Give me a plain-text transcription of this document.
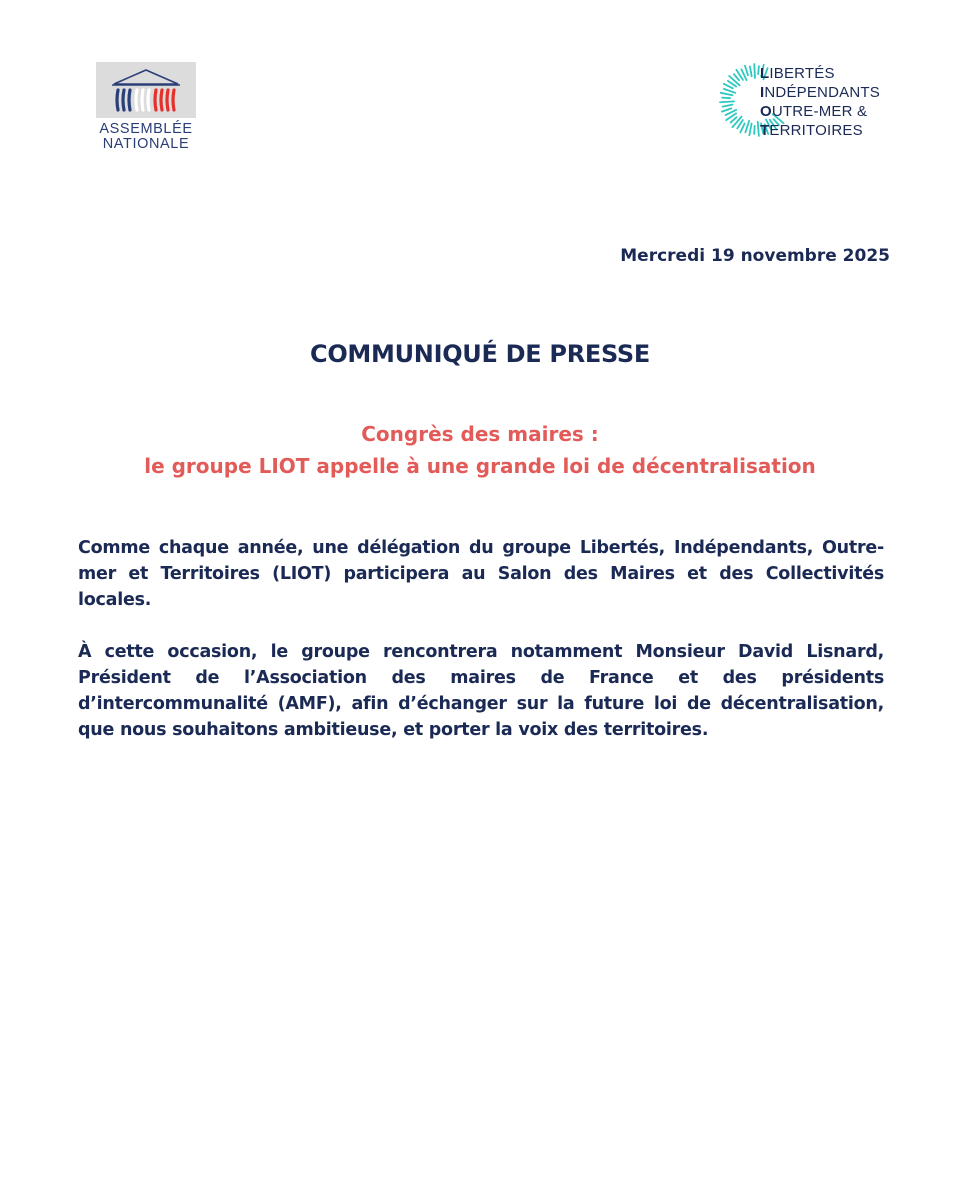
ASSEMBLÉE
NATIONALE
LIBERTÉS
INDÉPENDANTS
OUTRE-MER &
TERRITOIRES
Mercredi 19 novembre 2025
COMMUNIQUÉ DE PRESSE
Congrès des maires :
le groupe LIOT appelle à une grande loi de décentralisation

Comme chaque année, une délégation du groupe Libertés, Indépendants, Outre-mer et Territoires (LIOT) participera au Salon des Maires et des Collectivités locales.

À cette occasion, le groupe rencontrera notamment Monsieur David Lisnard, Président de l’Association des maires de France et des présidents d’intercommunalité (AMF), afin d’échanger sur la future loi de décentralisation, que nous souhaitons ambitieuse, et porter la voix des territoires.
